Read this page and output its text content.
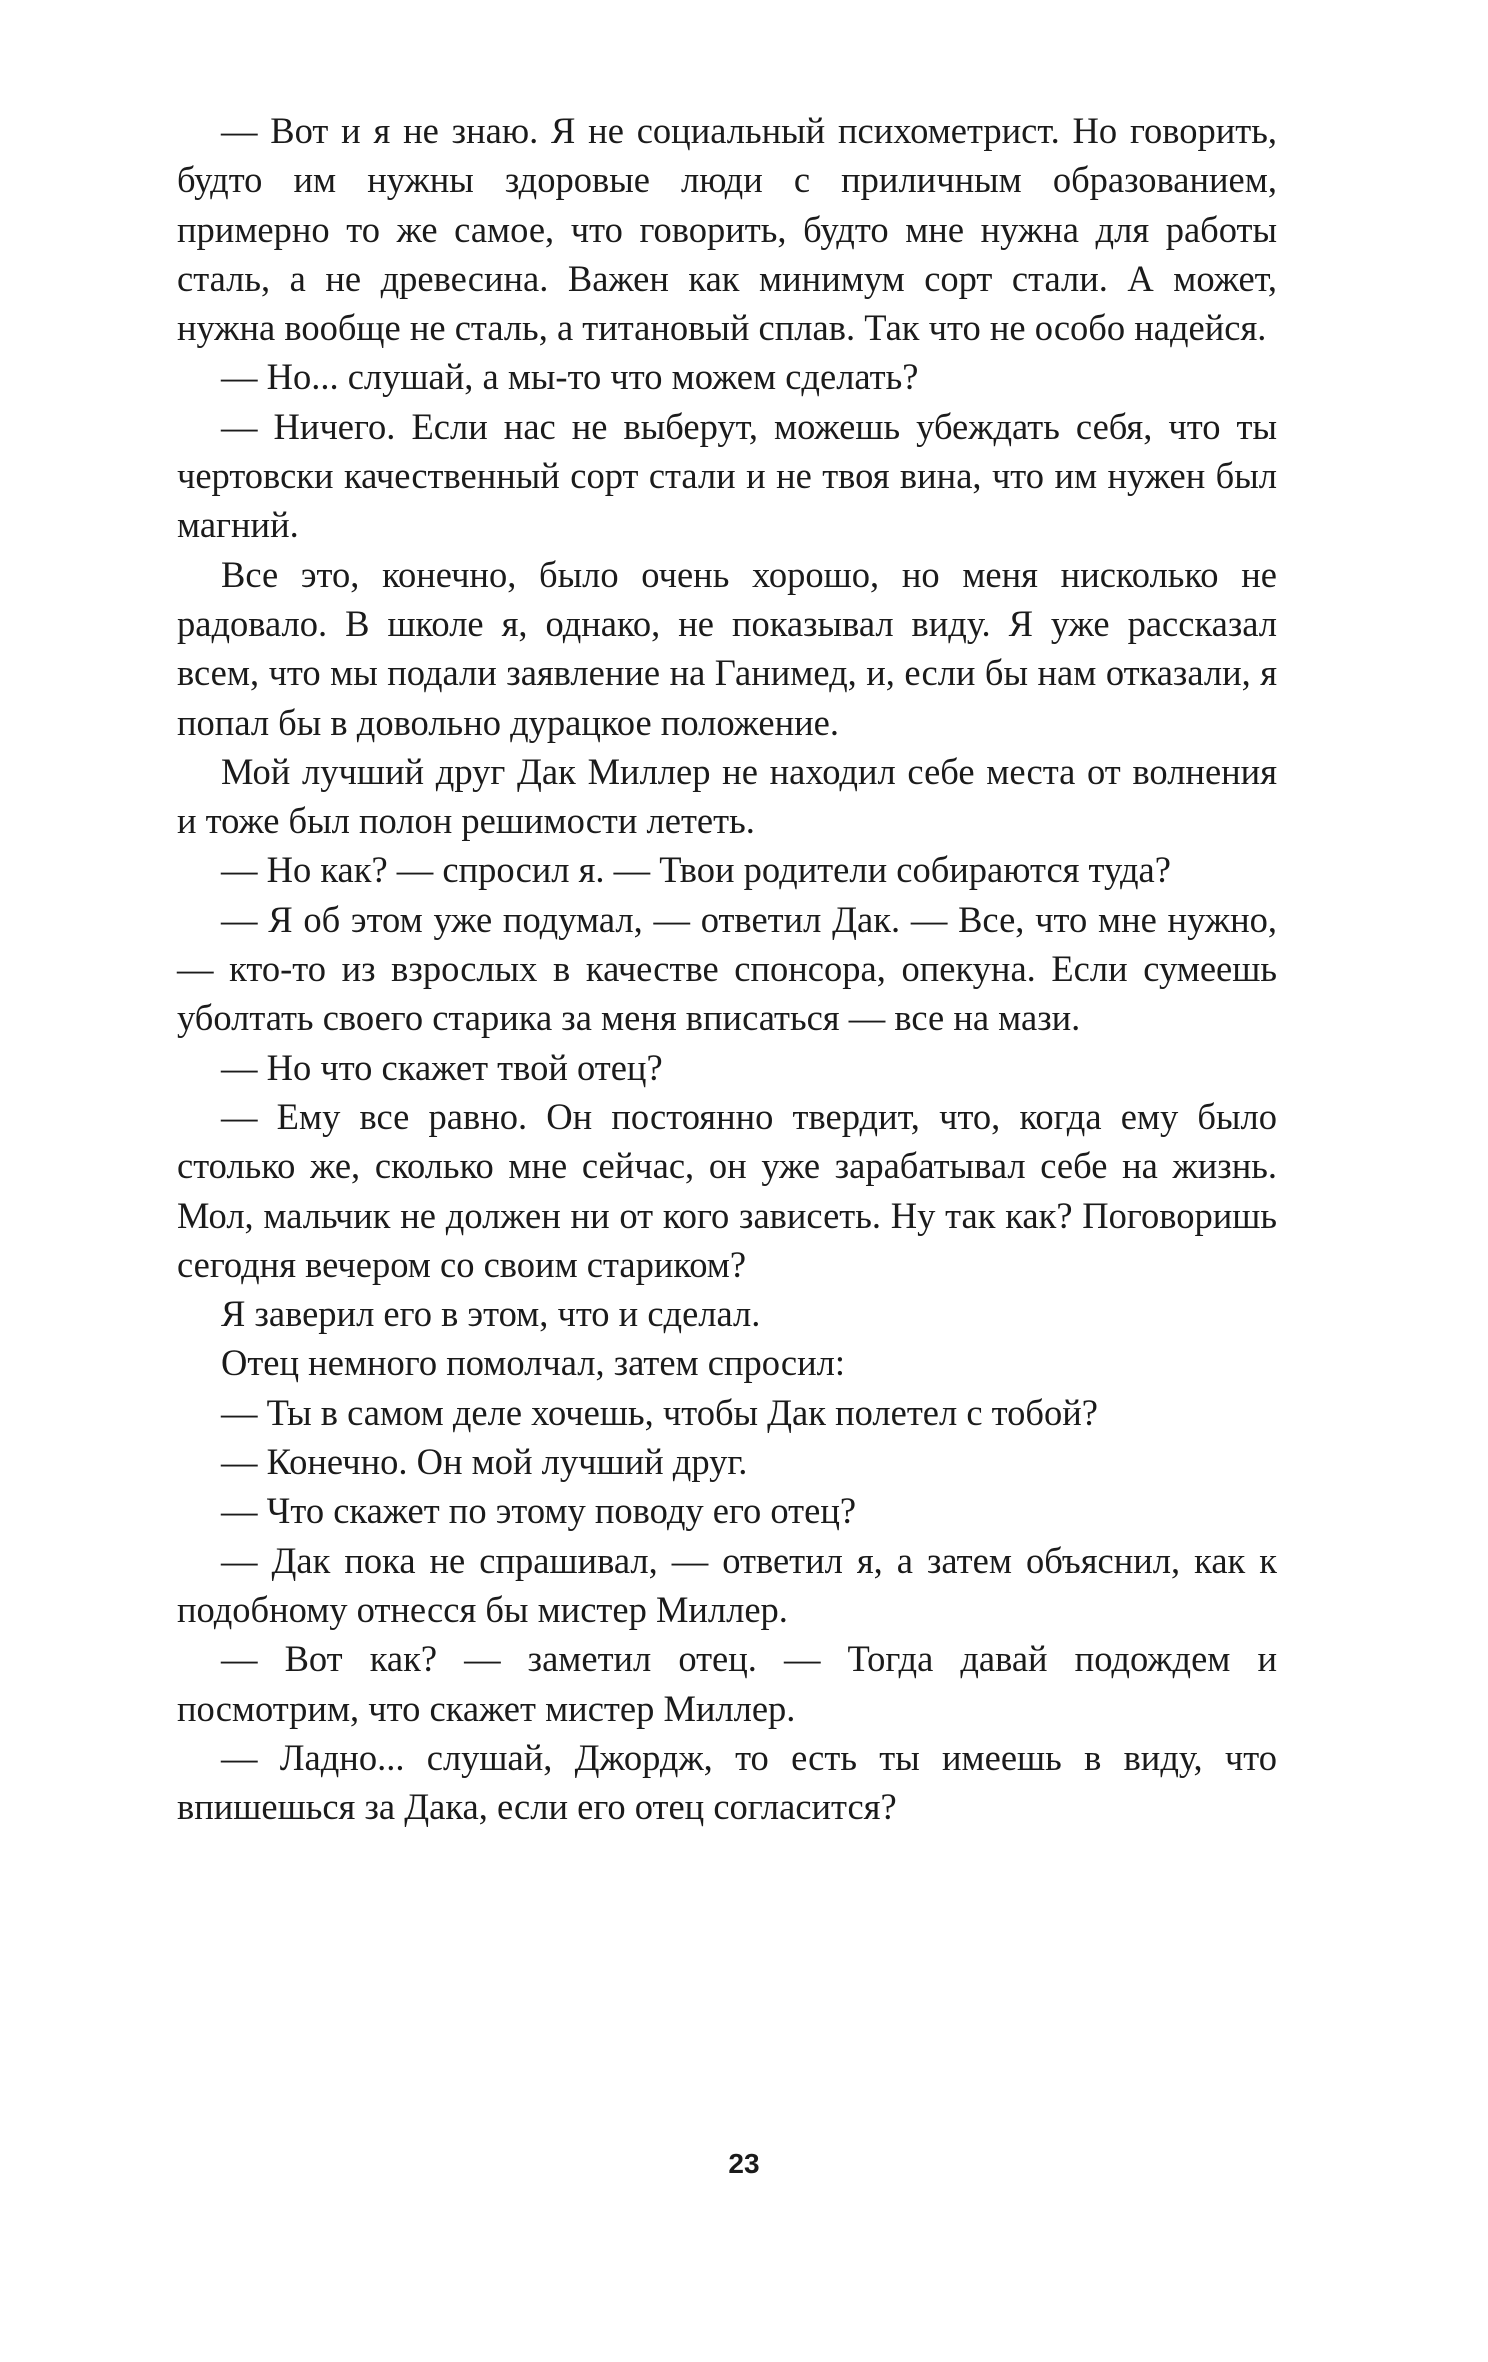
— Вот и я не знаю. Я не социальный психометрист. Но говорить, будто им нужны здоровые люди с приличным образованием, примерно то же самое, что говорить, будто мне нужна для работы сталь, а не древесина. Важен как минимум сорт стали. А может, нужна вообще не сталь, а титановый сплав. Так что не особо надейся.

— Но... слушай, а мы-то что можем сделать?

— Ничего. Если нас не выберут, можешь убеждать себя, что ты чертовски качественный сорт стали и не твоя вина, что им нужен был магний.

Все это, конечно, было очень хорошо, но меня нисколько не радовало. В школе я, однако, не показывал виду. Я уже рассказал всем, что мы подали заявление на Ганимед, и, если бы нам отказали, я попал бы в довольно дурацкое положение.

Мой лучший друг Дак Миллер не находил себе места от волнения и тоже был полон решимости лететь.

— Но как? — спросил я. — Твои родители собираются туда?

— Я об этом уже подумал, — ответил Дак. — Все, что мне нужно, — кто-то из взрослых в качестве спонсора, опекуна. Если сумеешь уболтать своего старика за меня вписаться — все на мази.

— Но что скажет твой отец?

— Ему все равно. Он постоянно твердит, что, когда ему было столько же, сколько мне сейчас, он уже зарабатывал себе на жизнь. Мол, мальчик не должен ни от кого зависеть. Ну так как? Поговоришь сегодня вечером со своим стариком?

Я заверил его в этом, что и сделал.

Отец немного помолчал, затем спросил:

— Ты в самом деле хочешь, чтобы Дак полетел с тобой?

— Конечно. Он мой лучший друг.

— Что скажет по этому поводу его отец?

— Дак пока не спрашивал, — ответил я, а затем объяснил, как к подобному отнесся бы мистер Миллер.

— Вот как? — заметил отец. — Тогда давай подождем и посмотрим, что скажет мистер Миллер.

— Ладно... слушай, Джордж, то есть ты имеешь в виду, что впишешься за Дака, если его отец согласится?

23
